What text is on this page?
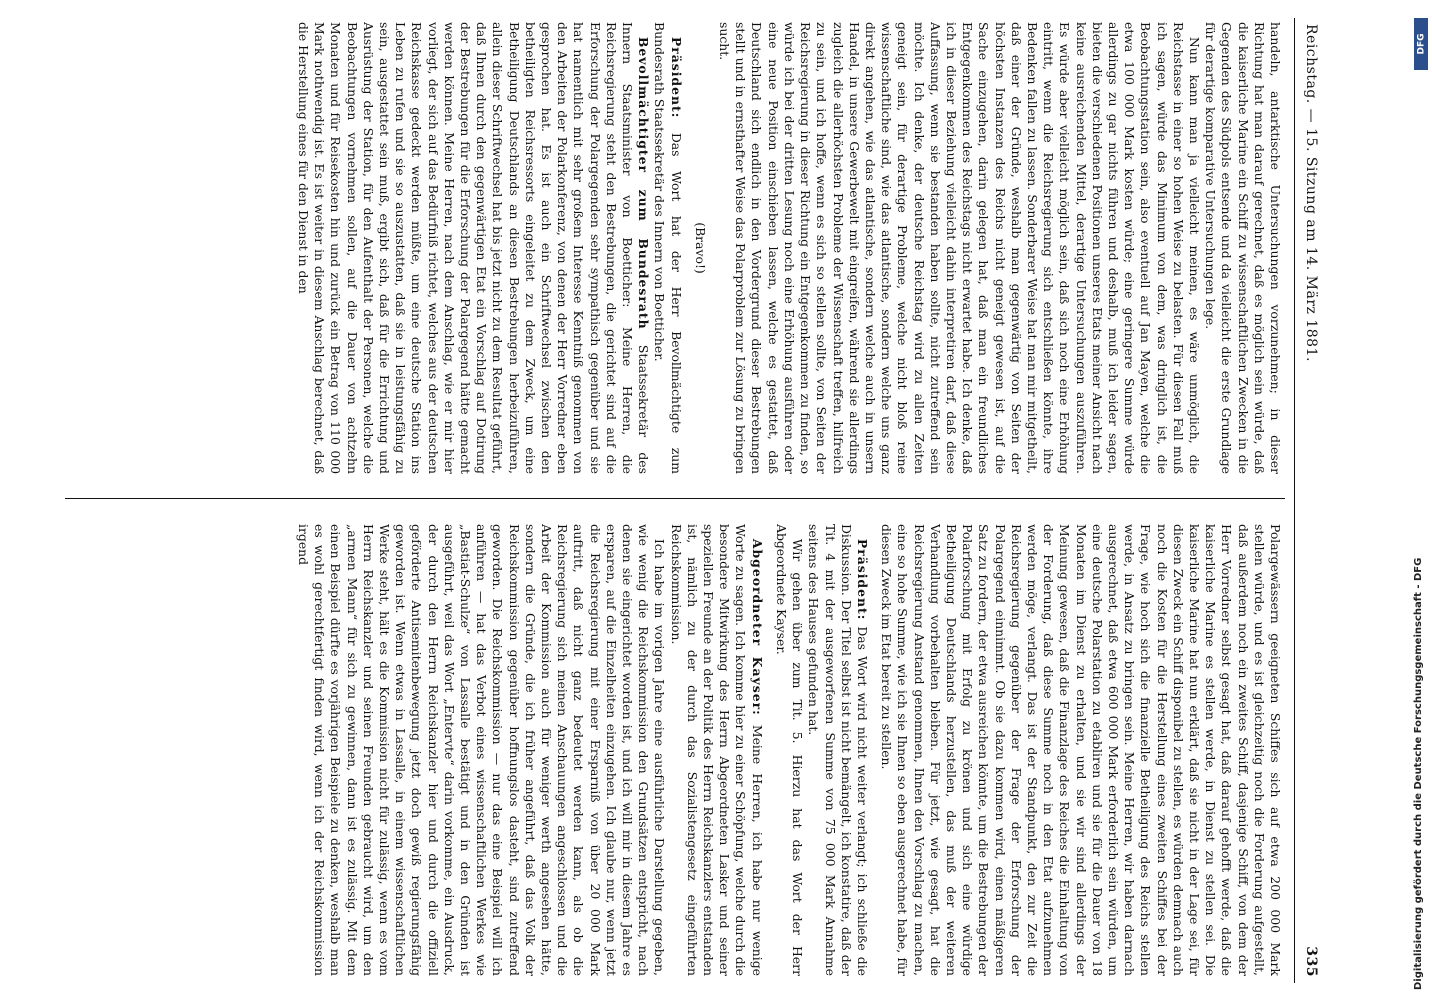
Reichstag. — 15. Sitzung am 14. März 1881.
335

handeln, antarktische Untersuchungen vorzunehmen; in dieser Richtung hat man darauf gerechnet, daß es möglich sein würde, daß die kaiserliche Marine ein Schiff zu wissenschaftlichen Zwecken in die Gegenden des Südpols entsende und da vielleicht die erste Grundlage für derartige komparative Untersuchungen lege.

Nun kann man ja vielleicht meinen, es wäre unmöglich, die Reichstasse in einer so hohen Weise zu belasten. Für diesen Fall muß ich sagen, würde das Minimum von dem, was dringlich ist, die Beobachtungsstation sein, also eventuell auf Jan Mayen, welche die etwa 100 000 Mark kosten würde; eine geringere Summe würde allerdings zu gar nichts führen und deshalb, muß ich leider sagen, bieten die verschiedenen Positionen unseres Etats meiner Ansicht nach keine ausreichenden Mittel, derartige Untersuchungen auszuführen. Es würde aber vielleicht möglich sein, daß sich noch eine Erhöhung eintritt, wenn die Reichsregierung sich entschließen könnte, ihre Bedenken fallen zu lassen. Sonderbarer Weise hat man mir mitgetheilt, daß einer der Gründe, weshalb man gegenwärtig von Seiten der höchsten Instanzen des Reichs nicht geneigt gewesen ist, auf die Sache einzugehen, darin gelegen hat, daß man ein freundliches Entgegenkommen des Reichstags nicht erwartet habe. Ich denke, daß ich in dieser Beziehung vielleicht dahin interpretiren darf, daß diese Auffassung, wenn sie bestanden haben sollte, nicht zutreffend sein möchte. Ich denke, der deutsche Reichstag wird zu allen Zeiten geneigt sein, für derartige Probleme, welche nicht bloß reine wissenschaftliche sind, wie das atlantische, sondern welche uns ganz direkt angehen, wie das atlantische, sondern welche auch in unsern Handel, in unsere Gewerbewelt mit eingreifen, während sie allerdings zugleich die allerhöchsten Probleme der Wissenschaft treffen, hilfreich zu sein, und ich hoffe, wenn es sich so stellen sollte, von Seiten der Reichsregierung in dieser Richtung ein Entgegenkommen zu finden, so würde ich bei der dritten Lesung noch eine Erhöhung ausführen oder eine neue Position einschieben lassen, welche es gestattet, daß Deutschland sich endlich in den Vordergrund dieser Bestrebungen stellt und in ernsthafter Weise das Polarproblem zur Lösung zu bringen sucht.

(Bravo!)

Präsident: Das Wort hat der Herr Bevollmächtigte zum Bundesrath Staatssekretär des Innern von Boetticher.

Bevollmächtigter zum Bundesrath Staatssekretär des Innern Staatsminister von Boetticher: Meine Herren, die Reichsregierung steht den Bestrebungen, die gerichtet sind auf die Erforschung der Polargegenden sehr sympathisch gegenüber und sie hat namentlich mit sehr großem Interesse Kenntniß genommen von den Arbeiten der Polarkonferenz, von denen der Herr Vorredner eben gesprochen hat. Es ist auch ein Schriftwechsel zwischen den betheiligten Reichsressorts eingeleitet zu dem Zweck, um eine Betheiligung Deutschlands an diesen Bestrebungen herbeizuführen, allein dieser Schriftwechsel hat bis jetzt nicht zu dem Resultat geführt, daß Ihnen durch den gegenwärtigen Etat ein Vorschlag auf Dotirung der Bestrebungen für die Erforschung der Polargegend hätte gemacht werden können. Meine Herren, nach dem Anschlag, wie er mir hier vorliegt, der sich auf das Bedürfniß richtet, welches aus der deutschen Reichskasse gedeckt werden müßte, um eine deutsche Station ins Leben zu rufen und sie so auszustatten, daß sie in leistungsfähig zu sein, ausgestattet sein muß, ergibt sich, daß für die Errichtung und Ausrüstung der Station, für den Aufenthalt der Personen, welche die Beobachtungen vornehmen sollen, auf die Dauer von achtzehn Monaten und für Reisekosten hin und zurück ein Betrag von 110 000 Mark nothwendig ist. Es ist weiter in diesem Anschlag berechnet, daß die Herstellung eines für den Dienst in den

Polargewässern geeigneten Schiffes sich auf etwa 200 000 Mark stellen würde, und es ist gleichzeitig noch die Forderung aufgestellt, daß außerdem noch ein zweites Schiff, dasjenige Schiff, von dem der Herr Vorredner selbst gesagt hat, daß darauf gehofft werde, daß die kaiserliche Marine es stellen werde, in Dienst zu stellen sei. Die kaiserliche Marine hat nun erklärt, daß sie nicht in der Lage sei, für diesen Zweck ein Schiff disponibel zu stellen, es würden demnach auch noch die Kosten für die Herstellung eines zweiten Schiffes bei der Frage, wie hoch sich die finanzielle Betheiligung des Reichs stellen werde, in Ansatz zu bringen sein. Meine Herren, wir haben darnach ausgerechnet, daß etwa 600 000 Mark erforderlich sein würden, um eine deutsche Polarstation zu etabliren und sie für die Dauer von 18 Monaten im Dienst zu erhalten, und sie wir sind allerdings der Meinung gewesen, daß die Finanzlage des Reiches die Einhaltung von der Forderung, daß diese Summe noch in den Etat aufzunehmen werden möge, verlangt. Das ist der Standpunkt, den zur Zeit die Reichsregierung gegenüber der Frage der Erforschung der Polargegend einnimmt. Ob sie dazu kommen wird, einen mäßigeren Satz zu fordern, der etwa ausreichen könnte, um die Bestrebungen der Polarforschung mit Erfolg zu krönen und sich eine würdige Betheiligung Deutschlands herzustellen, das muß der weiteren Verhandlung vorbehalten bleiben. Für jetzt, wie gesagt, hat die Reichsregierung Anstand genommen, Ihnen den Vorschlag zu machen, eine so hohe Summe, wie ich sie Ihnen so eben ausgerechnet habe, für diesen Zweck im Etat bereit zu stellen.

Präsident: Das Wort wird nicht weiter verlangt; ich schließe die Diskussion. Der Titel selbst ist nicht bemängelt, ich konstatire, daß der Tit. 4 mit der ausgeworfenen Summe von 75 000 Mark Annahme seitens des Hauses gefunden hat.

Wir gehen über zum Tit. 5. Hierzu hat das Wort der Herr Abgeordnete Kayser.

Abgeordneter Kayser: Meine Herren, ich habe nur wenige Worte zu sagen. Ich komme hier zu einer Schöpfung, welche durch die besondere Mitwirkung des Herrn Abgeordneten Lasker und seiner speziellen Freunde an der Politik des Herrn Reichskanzlers entstanden ist, nämlich zu der durch das Sozialistengesetz eingeführten Reichskommission.

Ich habe im vorigen Jahre eine ausführliche Darstellung gegeben, wie wenig die Reichskommission den Grundsätzen entspricht, nach denen sie eingerichtet worden ist, und ich will mir in diesem Jahre es ersparen, auf die Einzelheiten einzugehen. Ich glaube nur, wenn jetzt die Reichsregierung mit einer Ersparniß von über 20 000 Mark auftritt, daß nicht ganz bedeutet werden kann, als ob die Reichsregierung sich meinen Anschauungen angeschlossen und die Arbeit der Kommission auch für weniger werth angesehen hätte, sondern die Gründe, die ich früher angeführt, daß das Volk der Reichskommission gegenüber hoffnungslos dasteht, sind zutreffend geworden. Die Reichskommission — nur das eine Beispiel will ich anführen — hat das Verbot eines wissenschaftlichen Werkes wie „Bastiat-Schulze“ von Lassalle bestätigt und in den Gründen ist ausgeführt, weil das Wort „Entervte“ darin vorkomme, ein Ausdruck, der durch den Herrn Reichskanzler hier und durch die offiziell geförderte Antisemitenbewegung jetzt doch gewiß regierungsfähig geworden ist. Wenn etwas in Lassalle, in einem wissenschaftlichen Werke steht, hält es die Kommission nicht für zulässig, wenn es vom Herrn Reichskanzler und seinen Freunden gebraucht wird, um den „armen Mann“ für sich zu gewinnen, dann ist es zulässig. Mit dem einen Beispiel dürfte es vorjährigen Beispiele zu denken, weshalb man es wohl gerechtfertigt finden wird, wenn ich der Reichskommission irgend

Digitalisierung gefördert durch die Deutsche Forschungsgemeinschaft - DFG
DFG
